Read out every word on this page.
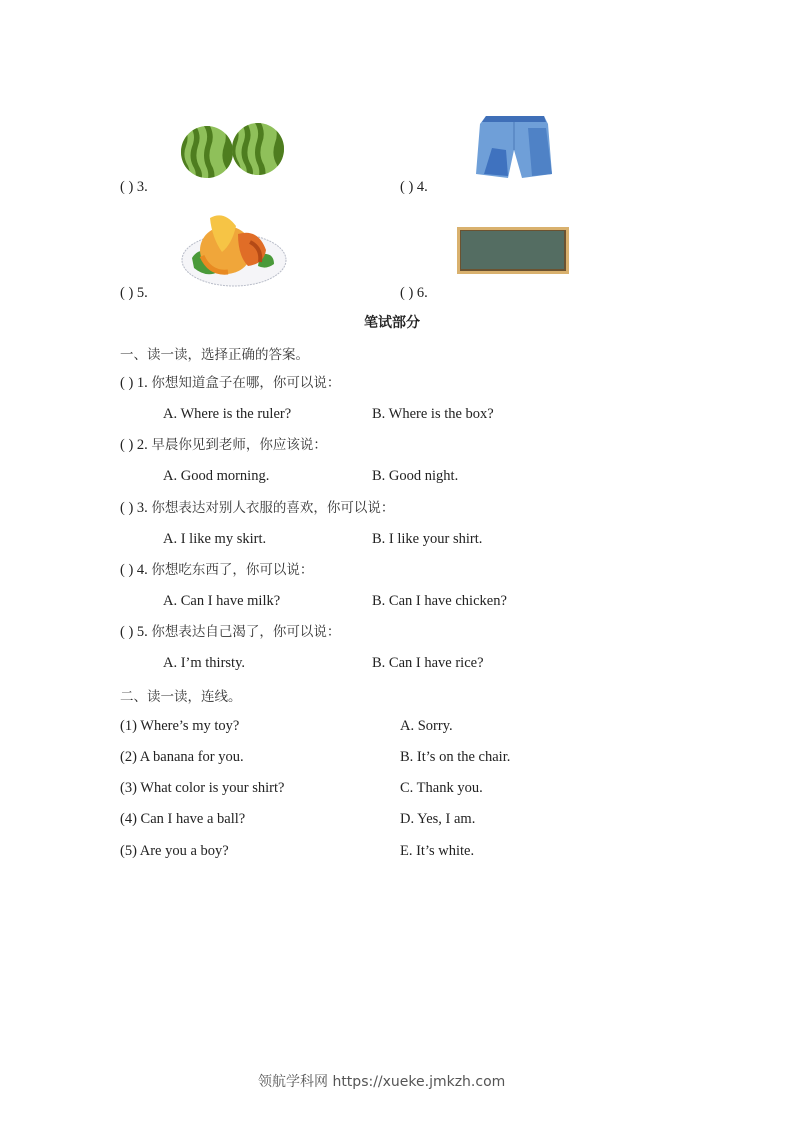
( ) 3.	( ) 4.
( ) 5.	( ) 6.
笔试部分
一、读一读，选择正确的答案。
( ) 1. 你想知道盒子在哪，你可以说：
A. Where is the ruler?	B. Where is the box?
( ) 2. 早晨你见到老师，你应该说：
A. Good morning.	B. Good night.
( ) 3. 你想表达对别人衣服的喜欢，你可以说：
A. I like my skirt.	B. I like your shirt.
( ) 4. 你想吃东西了，你可以说：
A. Can I have milk?	B. Can I have chicken?
( ) 5. 你想表达自己渴了，你可以说：
A. I’m thirsty.	B. Can I have rice?
二、读一读，连线。
(1) Where’s my toy?	A. Sorry.
(2) A banana for you.	B. It’s on the chair.
(3) What color is your shirt?	C. Thank you.
(4) Can I have a ball?	D. Yes, I am.
(5) Are you a boy?	E. It’s white.
领航学科网 https://xueke.jmkzh.com
